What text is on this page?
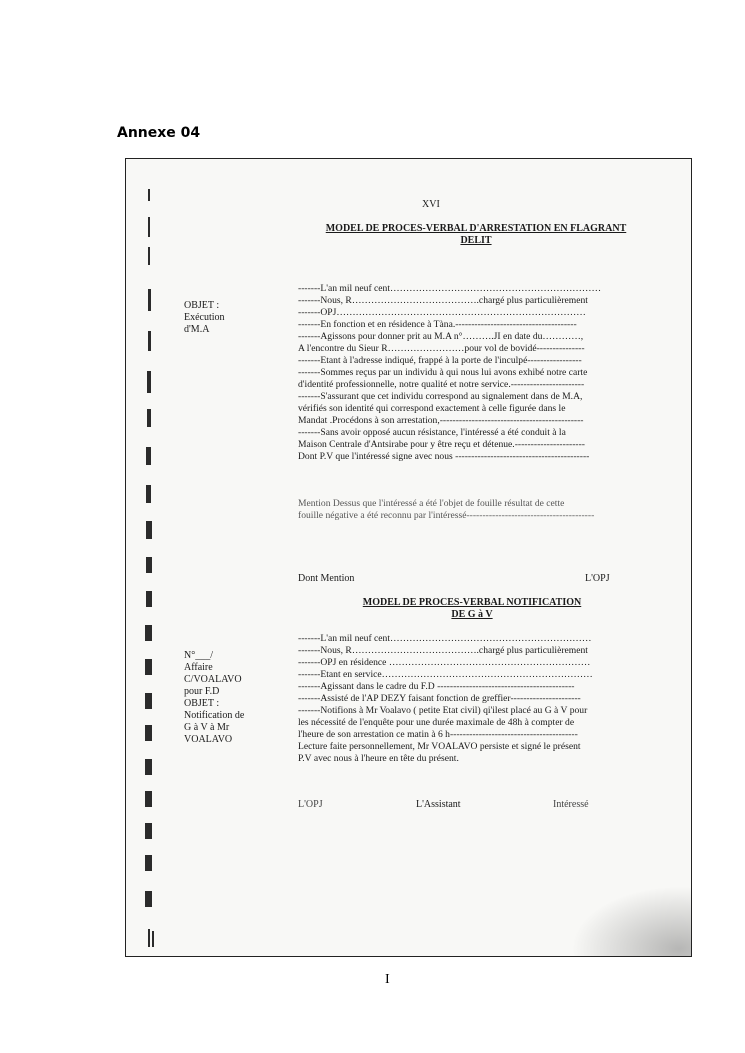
Annexe 04
XVI
MODEL DE PROCES-VERBAL D'ARRESTATION EN FLAGRANT
DELIT
OBJET :
Exécution
d'M.A
-------L'an mil neuf cent…………………………………………………………
-------Nous, R………………………………….chargé plus particulièrement
-------OPJ……………………………………………………………………
-------En fonction et en résidence à Tàna.--------------------------------------
-------Agissons pour donner prit au M.A n°……….JI en date du…………,
A l'encontre du Sieur R……………………pour vol de bovidé---------------
-------Etant à l'adresse indiqué, frappé à la porte de l'inculpé-----------------
-------Sommes reçus par un individu à qui nous lui avons exhibé notre carte
d'identité professionnelle, notre qualité et notre service.-----------------------
-------S'assurant que cet individu correspond au signalement dans de M.A,
vérifiés son identité qui correspond exactement à celle figurée dans le
Mandat .Procédons à son arrestation,---------------------------------------------
-------Sans avoir opposé aucun résistance, l'intéressé a été conduit à la
Maison Centrale d'Antsirabe pour y être reçu et détenue.----------------------
Dont P.V que l'intéressé signe avec nous ------------------------------------------
Mention Dessus que l'intéressé a été l'objet de fouille résultat de cette
fouille négative a été reconnu par l'intéressé----------------------------------------
Dont Mention	L'OPJ
MODEL DE PROCES-VERBAL NOTIFICATION
DE G à V
N°___/
Affaire
C/VOALAVO
pour F.D
OBJET :
Notification de
G à V à Mr
VOALAVO
-------L'an mil neuf cent………………………………………………………
-------Nous, R………………………………….chargé plus particulièrement
-------OPJ en résidence ………………………………………………………
-------Etant en service…………………………………………………………
-------Agissant dans le cadre du F.D -------------------------------------------
-------Assisté de l'AP DEZY faisant fonction de greffier----------------------
-------Notifions à Mr Voalavo ( petite Etat civil) qi'ilest placé au G à V pour
les nécessité de l'enquête pour une durée maximale de 48h à compter de
l'heure de son arrestation ce matin à 6 h----------------------------------------
Lecture faite personnellement, Mr VOALAVO persiste et signé le présent
P.V avec nous à l'heure en tête du présent.
L'OPJ	L'Assistant	Intéressé
I
